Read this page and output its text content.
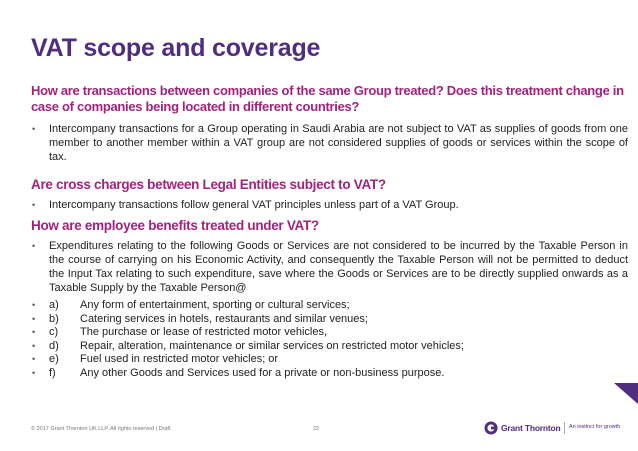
VAT scope and coverage

How are transactions between companies of the same Group treated? Does this treatment change in case of companies being located in different countries?

• Intercompany transactions for a Group operating in Saudi Arabia are not subject to VAT as supplies of goods from one member to another member within a VAT group are not considered supplies of goods or services within the scope of tax.

Are cross charges between Legal Entities subject to VAT?

• Intercompany transactions follow general VAT principles unless part of a VAT Group.

How are employee benefits treated under VAT?

• Expenditures relating to the following Goods or Services are not considered to be incurred by the Taxable Person in the course of carrying on his Economic Activity, and consequently the Taxable Person will not be permitted to deduct the Input Tax relating to such expenditure, save where the Goods or Services are to be directly supplied onwards as a Taxable Supply by the Taxable Person@
• a) Any form of entertainment, sporting or cultural services;
• b) Catering services in hotels, restaurants and similar venues;
• c) The purchase or lease of restricted motor vehicles,
• d) Repair, alteration, maintenance or similar services on restricted motor vehicles;
• e) Fuel used in restricted motor vehicles; or
• f) Any other Goods and Services used for a private or non-business purpose.
© 2017 Grant Thornton UK LLP. All rights reserved | Draft	22	Grant Thornton An instinct for growth
